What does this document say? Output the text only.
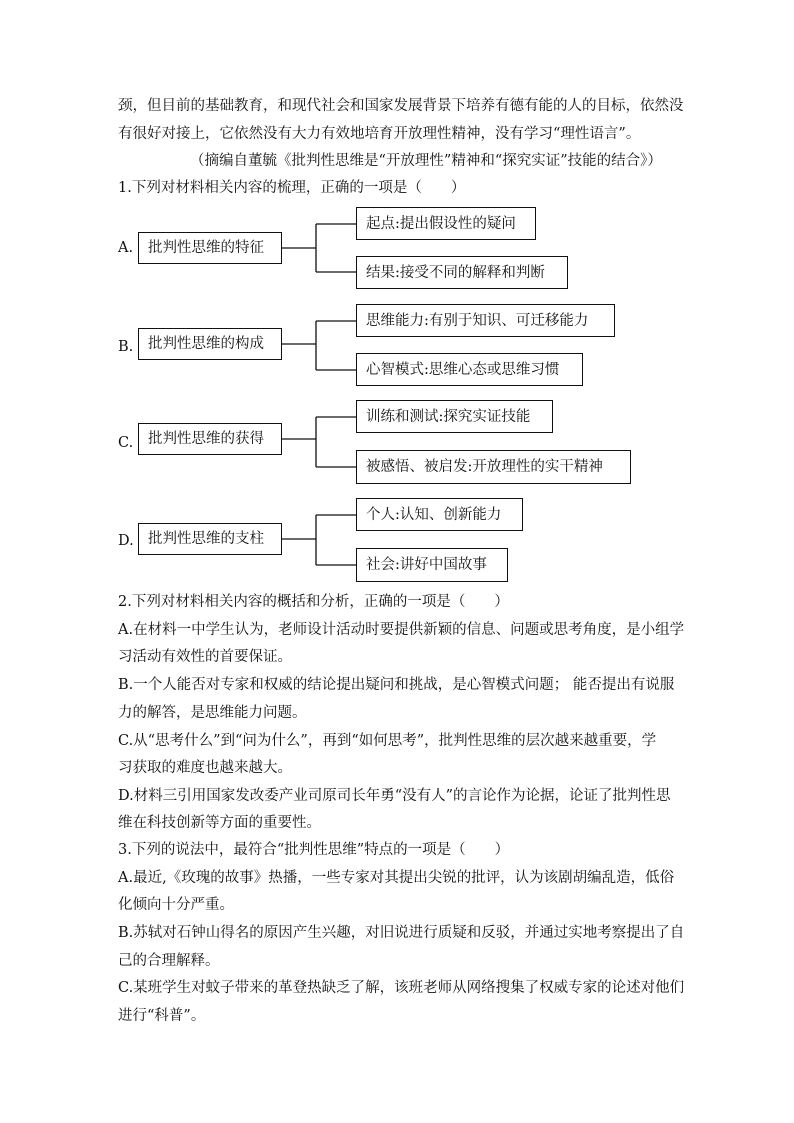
颈，但目前的基础教育，和现代社会和国家发展背景下培养有德有能的人的目标，依然没
有很好对接上，它依然没有大力有效地培育开放理性精神，没有学习“理性语言”。
（摘编自董毓《批判性思维是“开放理性”精神和“探究实证”技能的结合》）
1.下列对材料相关内容的梳理，正确的一项是（　　）
A.	批判性思维的特征
起点:提出假设性的疑问
结果:接受不同的解释和判断
B.	批判性思维的构成
思维能力:有别于知识、可迁移能力
心智模式:思维心态或思维习惯
C.	批判性思维的获得
训练和测试:探究实证技能
被感悟、被启发:开放理性的实干精神
D. 批判性思维的支柱
个人:认知、创新能力
社会:讲好中国故事
2.下列对材料相关内容的概括和分析，正确的一项是（　　）
A.在材料一中学生认为，老师设计活动时要提供新颖的信息、问题或思考角度，是小组学
习活动有效性的首要保证。
B.一个人能否对专家和权威的结论提出疑问和挑战，是心智模式问题； 能否提出有说服
力的解答，是思维能力问题。
C.从“思考什么”到“问为什么”，再到“如何思考”，批判性思维的层次越来越重要，学
习获取的难度也越来越大。
D.材料三引用国家发改委产业司原司长年勇“没有人”的言论作为论据，论证了批判性思
维在科技创新等方面的重要性。
3.下列的说法中，最符合“批判性思维”特点的一项是（　　）
A.最近,《玫瑰的故事》热播，一些专家对其提出尖锐的批评，认为该剧胡编乱造，低俗
化倾向十分严重。
B.苏轼对石钟山得名的原因产生兴趣，对旧说进行质疑和反驳，并通过实地考察提出了自
己的合理解释。
C.某班学生对蚊子带来的革登热缺乏了解，该班老师从网络搜集了权威专家的论述对他们
进行“科普”。
